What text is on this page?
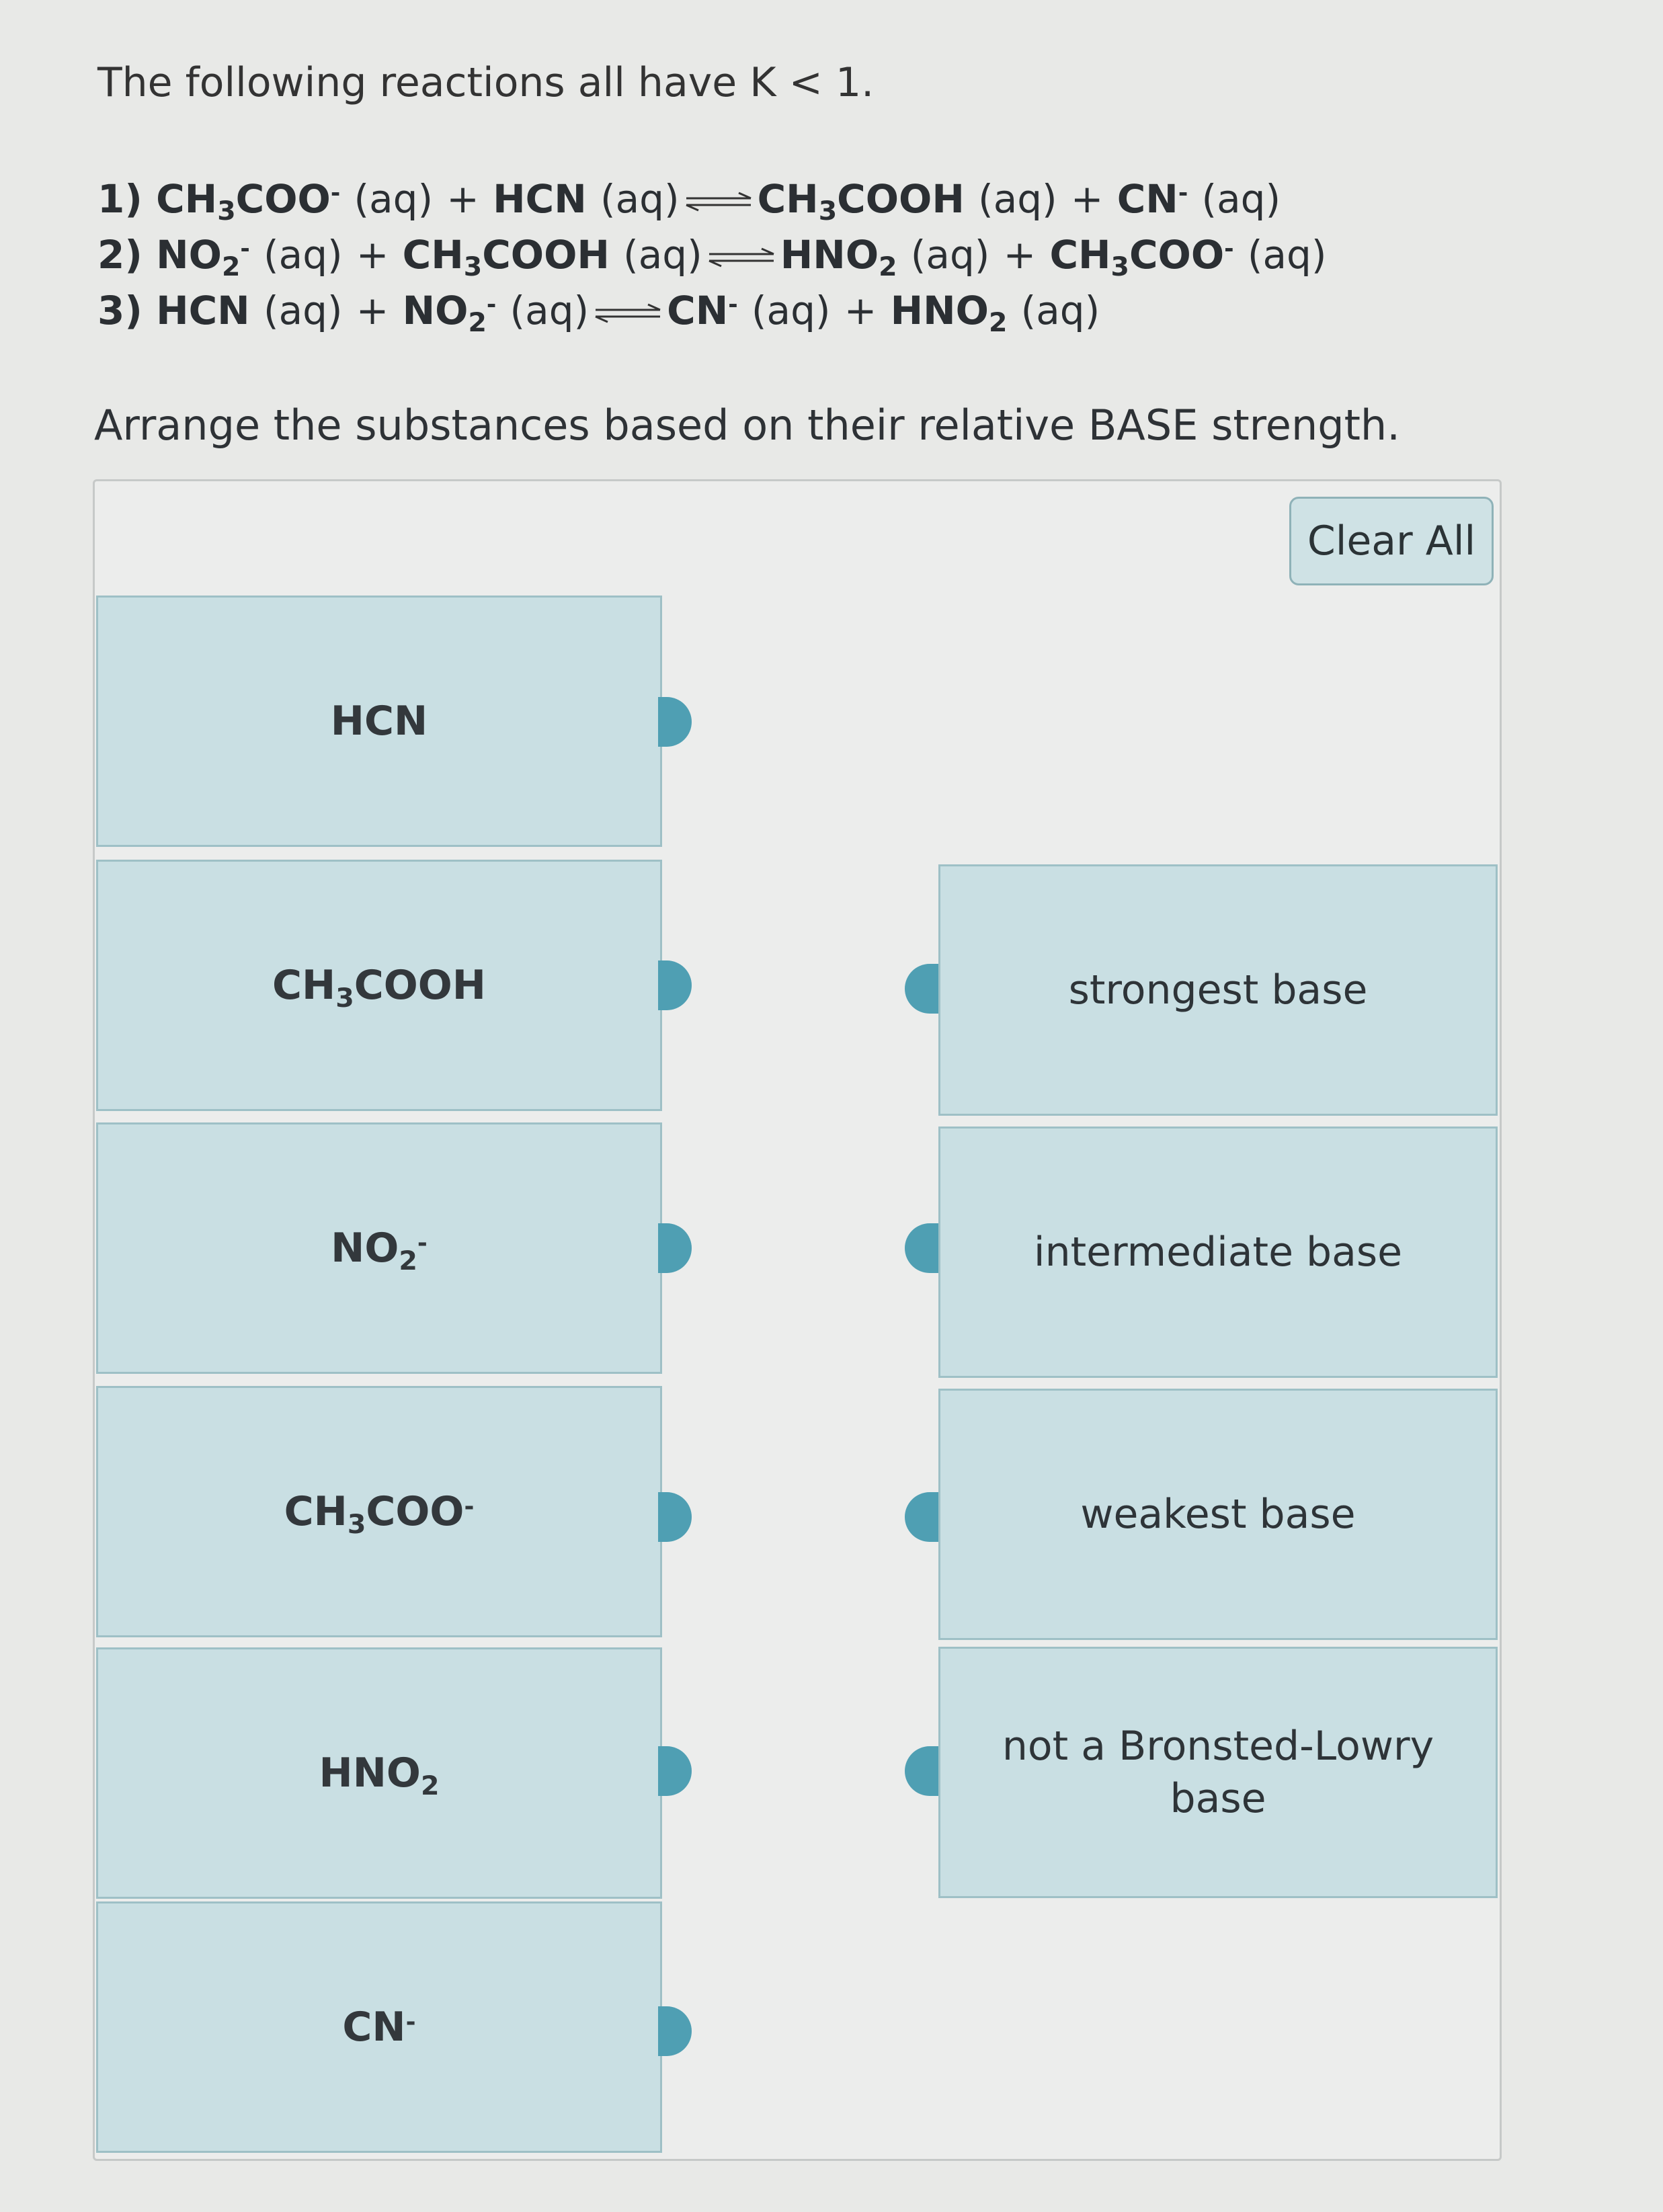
The following reactions all have K < 1.
1) $CH_3COO^-$ (aq) + HCN (aq) ⇌ $CH_3COOH$ (aq) + CN- (aq)
2) $NO_2^-$ $(aq) + CH_3COOH$ (aq) ⇌ $HNO_2$ $(aq) + CH_3COO^-$ (aq)
3) HCN $(aq) + NO_2^-$ (aq) ⇌ CN- $(aq) + HNO_2$ (aq)
Arrange the substances based on their relative BASE strength.
Clear All
HCN
$CH_3COOH$
$NO_2^-$
$CH_3COO^-$
$HNO_2$
CN-
strongest base
intermediate base
weakest base
not a Bronsted-Lowry
base
